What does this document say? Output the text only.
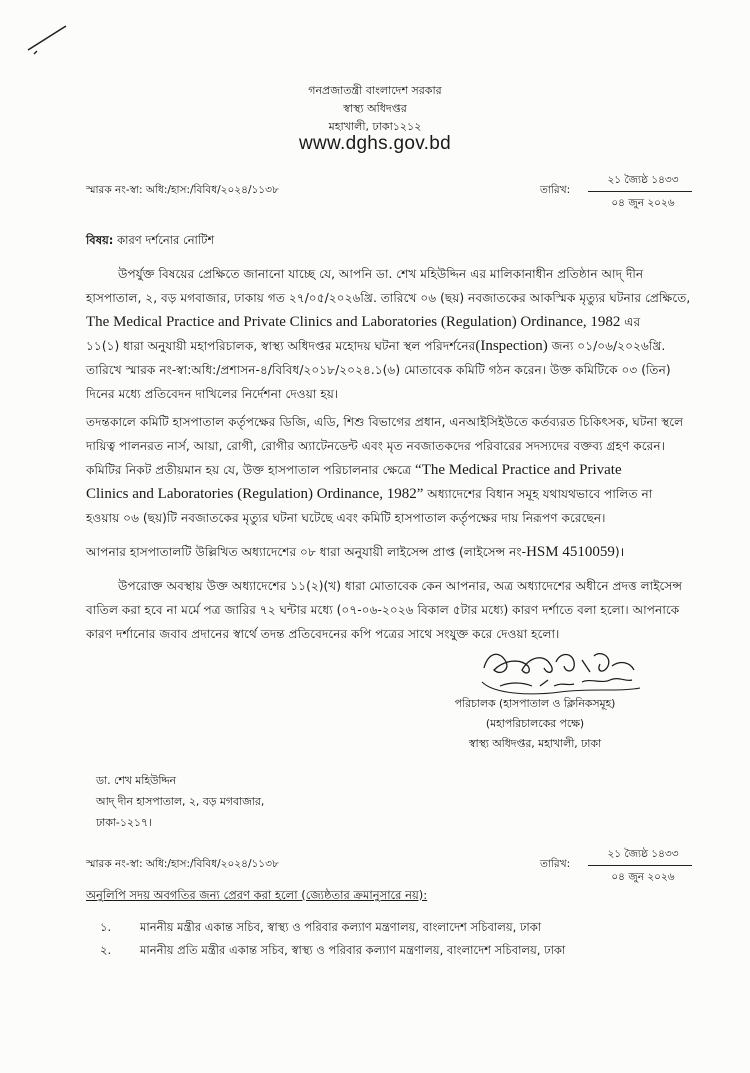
গনপ্রজাতন্ত্রী বাংলাদেশ সরকার
স্বাস্থ্য অধিদপ্তর
মহাখালী, ঢাকা১২১২
www.dghs.gov.bd
স্মারক নং-স্বা: অধি:/হাস:/বিবিধ/২০২৪/১১৩৮	তারিখ:
২১ জ্যৈষ্ঠ ১৪৩৩
০৪ জুন ২০২৬
বিষয়: কারণ দর্শনোর নোটিশ
উপর্যুক্ত বিষয়ের প্রেক্ষিতে জানানো যাচ্ছে যে, আপনি ডা. শেখ মহিউদ্দিন এর মালিকানাধীন প্রতিষ্ঠান আদ্‌ দীন
হাসপাতাল, ২, বড় মগবাজার, ঢাকায় গত ২৭/০৫/২০২৬খ্রি. তারিখে ০৬ (ছয়) নবজাতকের আকস্মিক মৃত্যুর ঘটনার প্রেক্ষিতে,
The Medical Practice and Private Clinics and Laboratories (Regulation) Ordinance, 1982 এর
১১(১) ধারা অনুযায়ী মহাপরিচালক, স্বাস্থ্য অধিদপ্তর মহোদয় ঘটনা স্থল পরিদর্শনের(Inspection) জন্য ০১/০৬/২০২৬খ্রি.
তারিখে স্মারক নং-স্বা:অধি:/প্রশাসন-৪/বিবিধ/২০১৮/২০২৪.১(৬) মোতাবেক কমিটি গঠন করেন। উক্ত কমিটিকে ০৩ (তিন)
দিনের মধ্যে প্রতিবেদন দাখিলের নির্দেশনা দেওয়া হয়।
তদন্তকালে কমিটি হাসপাতাল কর্তৃপক্ষের ডিজি, এডি, শিশু বিভাগের প্রধান, এনআইসিইউতে কর্তব্যরত চিকিৎসক, ঘটনা স্থলে
দায়িত্ব পালনরত নার্স, আয়া, রোগী, রোগীর অ্যাটেনডেন্ট এবং মৃত নবজাতকদের পরিবারের সদস্যদের বক্তব্য গ্রহণ করেন।
কমিটির নিকট প্রতীয়মান হয় যে, উক্ত হাসপাতাল পরিচালনার ক্ষেত্রে “The Medical Practice and Private
Clinics and Laboratories (Regulation) Ordinance, 1982” অধ্যাদেশের বিধান সমূহ যথাযথভাবে পালিত না
হওয়ায় ০৬ (ছয়)টি নবজাতকের মৃত্যুর ঘটনা ঘটেছে এবং কমিটি হাসপাতাল কর্তৃপক্ষের দায় নিরূপণ করেছেন।
আপনার হাসপাতালটি উল্লিখিত অধ্যাদেশের ০৮ ধারা অনুযায়ী লাইসেন্স প্রাপ্ত (লাইসেন্স নং-HSM 4510059)।
উপরোক্ত অবস্থায় উক্ত অধ্যাদেশের ১১(২)(খ) ধারা মোতাবেক কেন আপনার, অত্র অধ্যাদেশের অধীনে প্রদত্ত লাইসেন্স
বাতিল করা হবে না মর্মে পত্র জারির ৭২ ঘন্টার মধ্যে (০৭-০৬-২০২৬ বিকাল ৫টার মধ্যে) কারণ দর্শাতে বলা হলো। আপনাকে
কারণ দর্শানোর জবাব প্রদানের স্বার্থে তদন্ত প্রতিবেদনের কপি পত্রের সাথে সংযুক্ত করে দেওয়া হলো।
পরিচালক (হাসপাতাল ও ক্লিনিকসমূহ)
(মহাপরিচালকের পক্ষে)
স্বাস্থ্য অধিদপ্তর, মহাখালী, ঢাকা
ডা. শেখ মহিউদ্দিন
আদ্‌ দীন হাসপাতাল, ২, বড় মগবাজার,
ঢাকা-১২১৭।
স্মারক নং-স্বা: অধি:/হাস:/বিবিধ/২০২৪/১১৩৮	তারিখ:
২১ জ্যৈষ্ঠ ১৪৩৩
০৪ জুন ২০২৬
অনুলিপি সদয় অবগতির জন্য প্রেরণ করা হলো (জ্যেষ্ঠতার ক্রমানুসারে নয়):
১.	মাননীয় মন্ত্রীর একান্ত সচিব, স্বাস্থ্য ও পরিবার কল্যাণ মন্ত্রণালয়, বাংলাদেশ সচিবালয়, ঢাকা
২.	মাননীয় প্রতি মন্ত্রীর একান্ত সচিব, স্বাস্থ্য ও পরিবার কল্যাণ মন্ত্রণালয়, বাংলাদেশ সচিবালয়, ঢাকা
